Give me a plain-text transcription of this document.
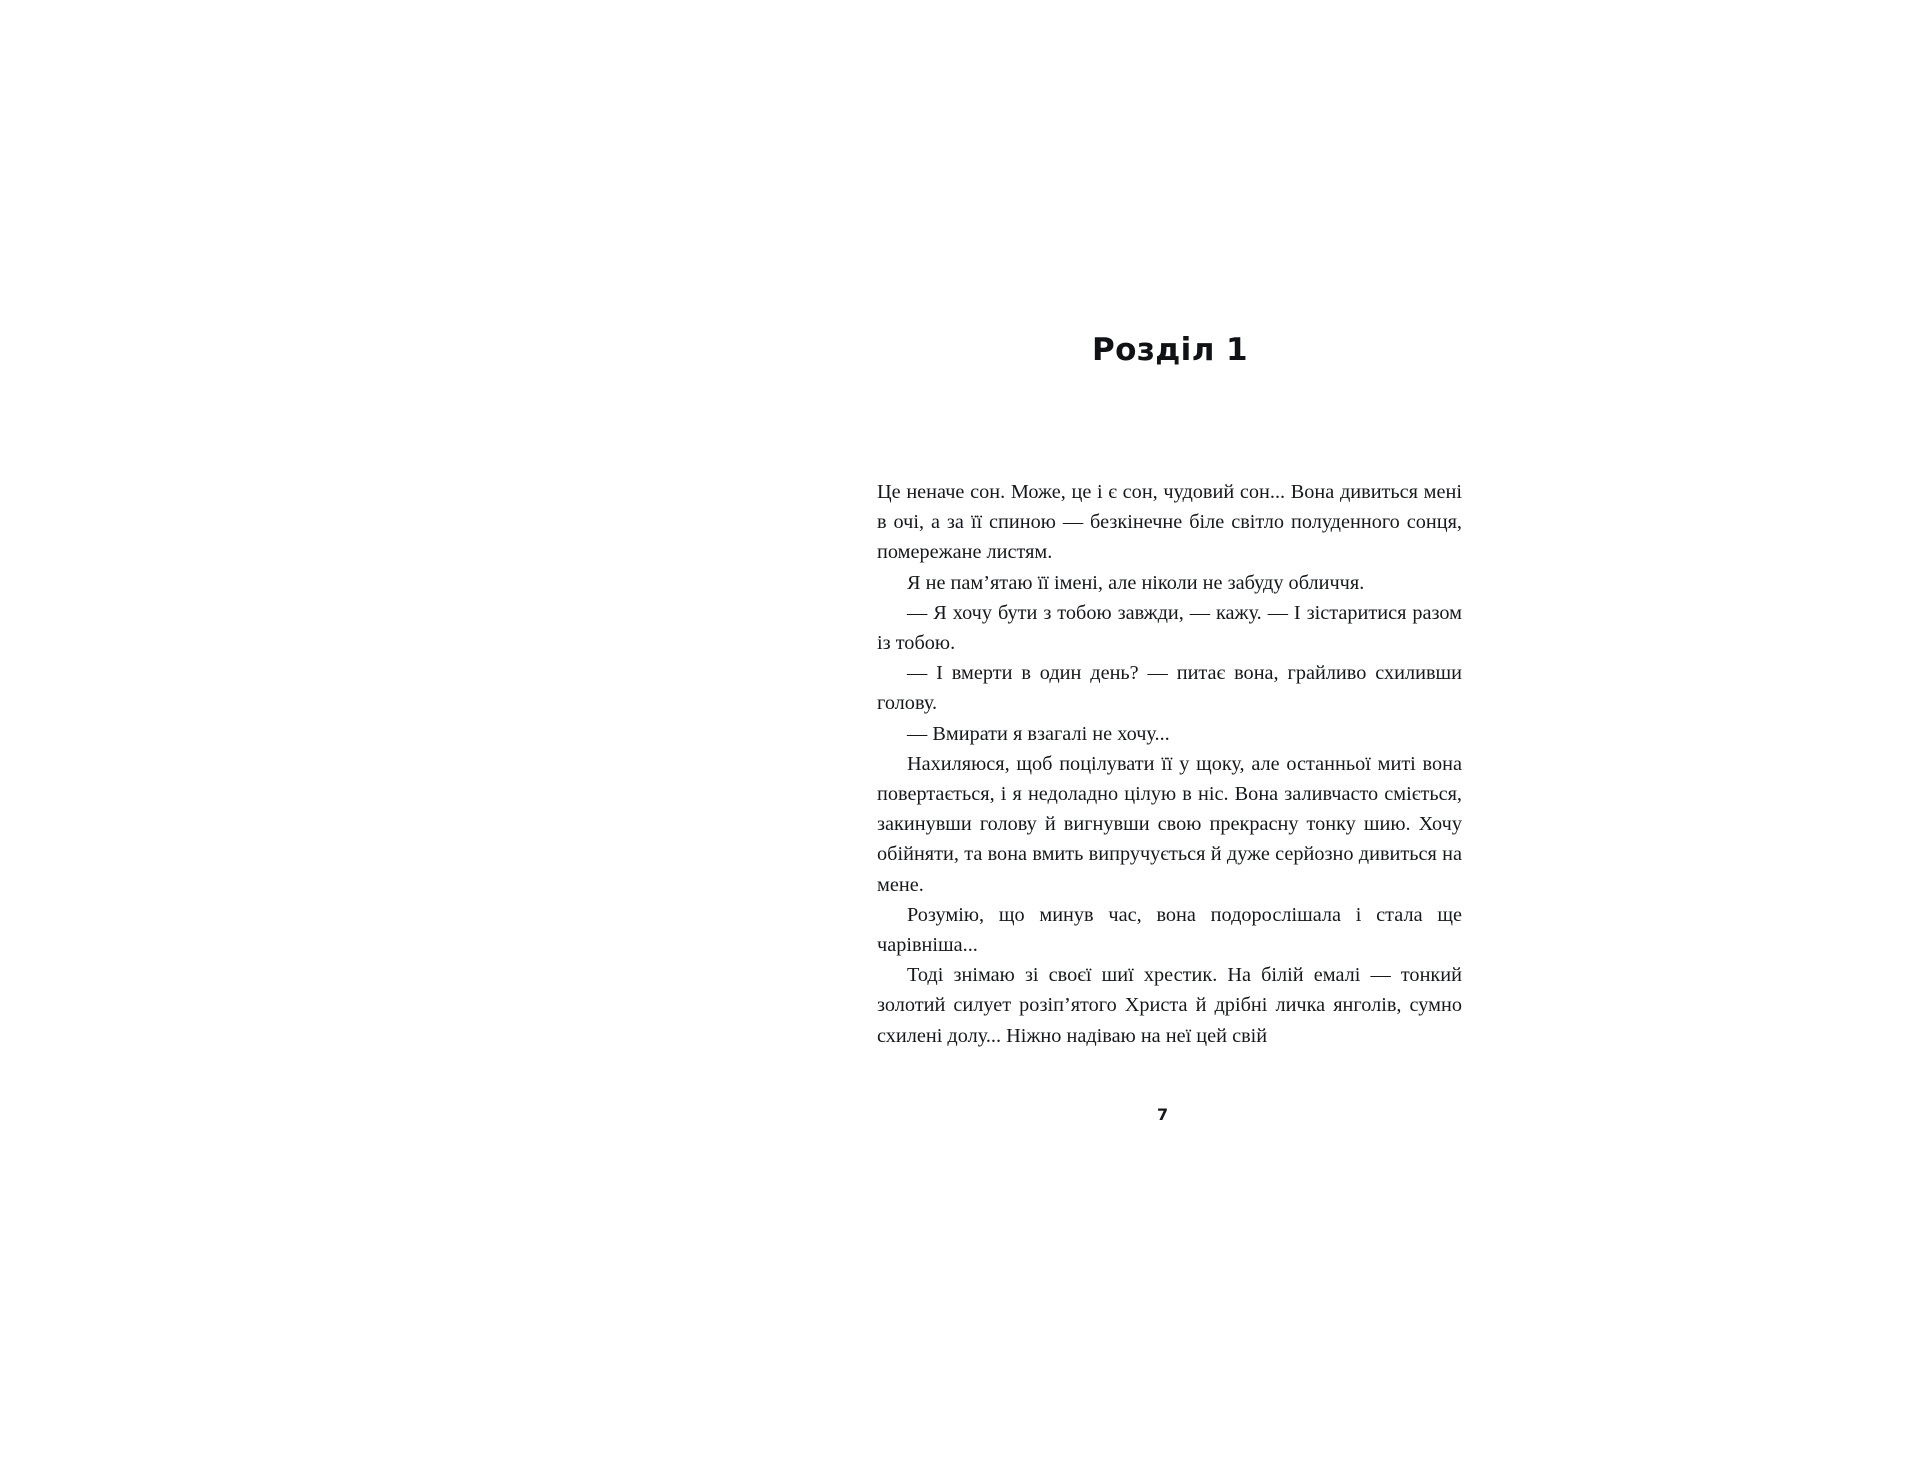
Розділ 1

Це неначе сон. Може, це і є сон, чудовий сон... Вона дивиться мені в очі, а за її спиною — безкінечне біле світло полуденного сонця, помережане листям.

Я не пам’ятаю її імені, але ніколи не забуду обличчя.

— Я хочу бути з тобою завжди, — кажу. — І зістаритися разом із тобою.

— І вмерти в один день? — питає вона, грайливо схиливши голову.

— Вмирати я взагалі не хочу...

Нахиляюся, щоб поцілувати її у щоку, але останньої миті вона повертається, і я недоладно цілую в ніс. Вона заливчасто сміється, закинувши голову й вигнувши свою прекрасну тонку шию. Хочу обійняти, та вона вмить випручується й дуже серйозно дивиться на мене.

Розумію, що минув час, вона подорослішала і стала ще чарівніша...

Тоді знімаю зі своєї шиї хрестик. На білій емалі — тонкий золотий силует розіп’ятого Христа й дрібні личка янголів, сумно схилені долу... Ніжно надіваю на неї цей свій

7
